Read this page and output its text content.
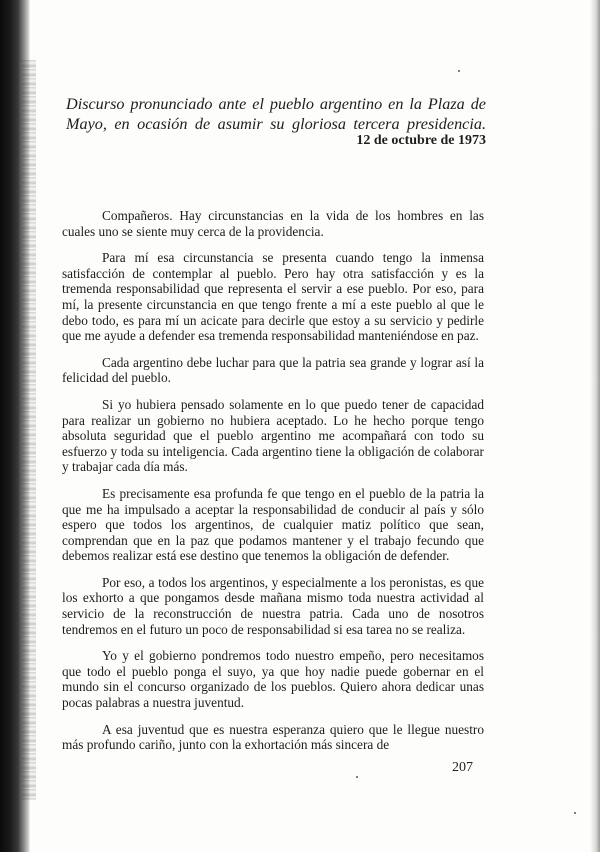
Discurso pronunciado ante el pueblo argentino en la Plaza de
Mayo, en ocasión de asumir su gloriosa tercera presidencia.
12 de octubre de 1973

Compañeros. Hay circunstancias en la vida de los hombres en las cuales uno se siente muy cerca de la providencia.

Para mí esa circunstancia se presenta cuando tengo la inmensa satisfacción de contemplar al pueblo. Pero hay otra satisfacción y es la tremenda responsabilidad que representa el servir a ese pueblo. Por eso, para mí, la presente circunstancia en que tengo frente a mí a este pueblo al que le debo todo, es para mí un acicate para decirle que estoy a su servicio y pedirle que me ayude a defender esa tremenda responsabilidad manteniéndose en paz.

Cada argentino debe luchar para que la patria sea grande y lograr así la felicidad del pueblo.

Si yo hubiera pensado solamente en lo que puedo tener de capacidad para realizar un gobierno no hubiera aceptado. Lo he hecho porque tengo absoluta seguridad que el pueblo argentino me acompañará con todo su esfuerzo y toda su inteligencia. Cada argentino tiene la obligación de colaborar y trabajar cada día más.

Es precisamente esa profunda fe que tengo en el pueblo de la patria la que me ha impulsado a aceptar la responsabilidad de conducir al país y sólo espero que todos los argentinos, de cualquier matiz político que sean, comprendan que en la paz que podamos mantener y el trabajo fecundo que debemos realizar está ese destino que tenemos la obligación de defender.

Por eso, a todos los argentinos, y especialmente a los peronistas, es que los exhorto a que pongamos desde mañana mismo toda nuestra actividad al servicio de la reconstrucción de nuestra patria. Cada uno de nosotros tendremos en el futuro un poco de responsabilidad si esa tarea no se realiza.

Yo y el gobierno pondremos todo nuestro empeño, pero necesitamos que todo el pueblo ponga el suyo, ya que hoy nadie puede gobernar en el mundo sin el concurso organizado de los pueblos. Quiero ahora dedicar unas pocas palabras a nuestra juventud.

A esa juventud que es nuestra esperanza quiero que le llegue nuestro más profundo cariño, junto con la exhortación más sincera de

207
